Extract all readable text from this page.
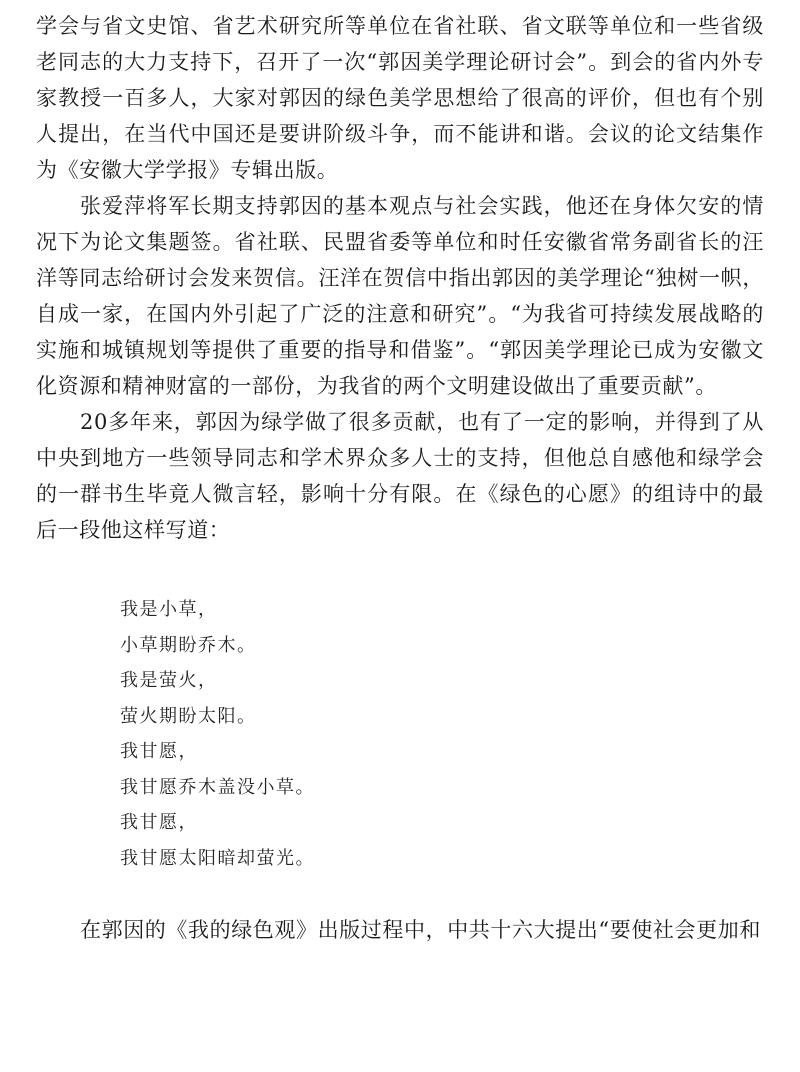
学会与省文史馆、省艺术研究所等单位在省社联、省文联等单位和一些省级老同志的大力支持下，召开了一次“郭因美学理论研讨会”。到会的省内外专家教授一百多人，大家对郭因的绿色美学思想给了很高的评价，但也有个别人提出，在当代中国还是要讲阶级斗争，而不能讲和谐。会议的论文结集作为《安徽大学学报》专辑出版。

张爱萍将军长期支持郭因的基本观点与社会实践，他还在身体欠安的情况下为论文集题签。省社联、民盟省委等单位和时任安徽省常务副省长的汪洋等同志给研讨会发来贺信。汪洋在贺信中指出郭因的美学理论“独树一帜，自成一家，在国内外引起了广泛的注意和研究”。“为我省可持续发展战略的实施和城镇规划等提供了重要的指导和借鉴”。“郭因美学理论已成为安徽文化资源和精神财富的一部份，为我省的两个文明建设做出了重要贡献”。

20多年来，郭因为绿学做了很多贡献，也有了一定的影响，并得到了从中央到地方一些领导同志和学术界众多人士的支持，但他总自感他和绿学会的一群书生毕竟人微言轻，影响十分有限。在《绿色的心愿》的组诗中的最后一段他这样写道：

我是小草，
小草期盼乔木。
我是萤火，
萤火期盼太阳。
我甘愿，
我甘愿乔木盖没小草。
我甘愿，
我甘愿太阳暗却萤光。

在郭因的《我的绿色观》出版过程中，中共十六大提出“要使社会更加和
